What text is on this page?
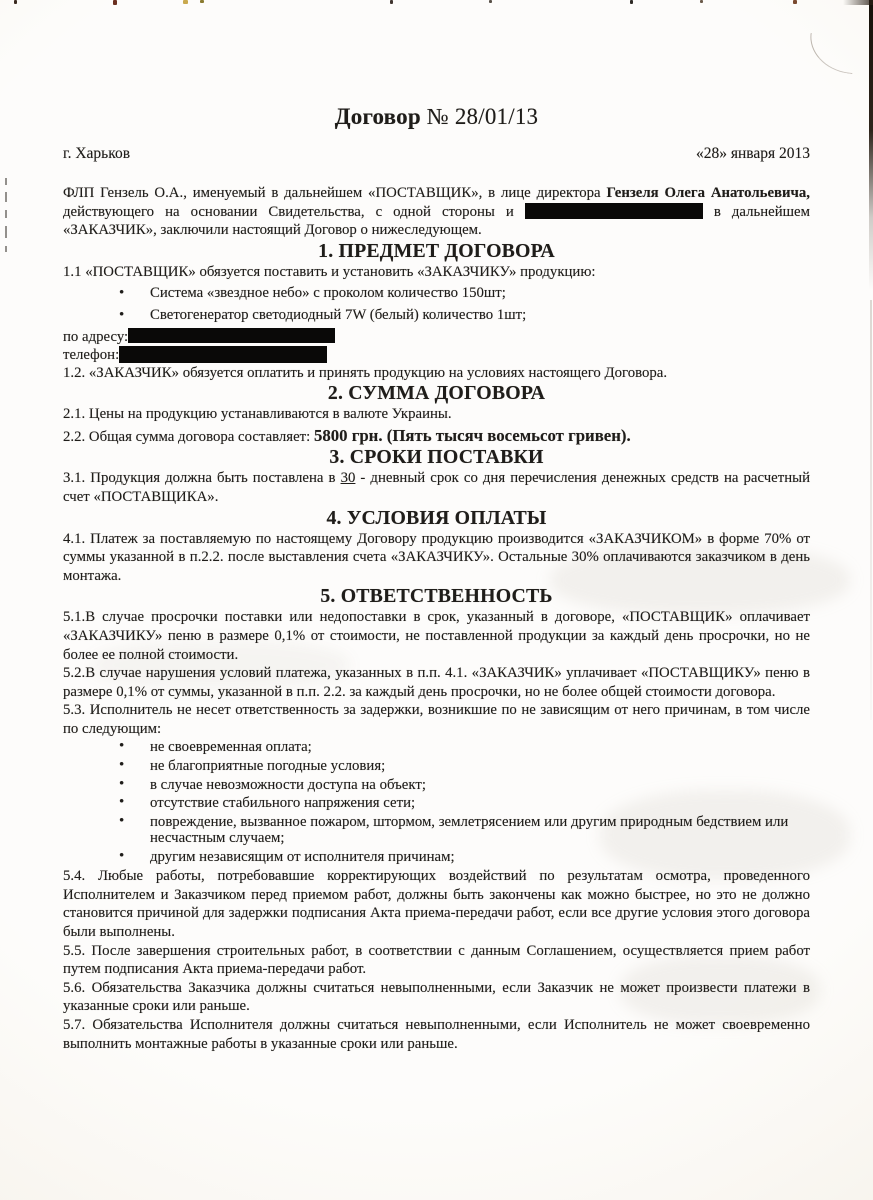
Договор № 28/01/13
г. Харьков	«28» января 2013

ФЛП Гензель О.А., именуемый в дальнейшем «ПОСТАВЩИК», в лице директора Гензеля Олега Анатольевича, действующего на основании Свидетельства, с одной стороны и	в дальнейшем «ЗАКАЗЧИК», заключили настоящий Договор о нижеследующем.

1. ПРЕДМЕТ ДОГОВОРА

1.1 «ПОСТАВЩИК» обязуется поставить и установить «ЗАКАЗЧИКУ» продукцию:

• Система «звездное небо» с проколом количество 150шт;
• Светогенератор светодиодный 7W (белый) количество 1шт;

по адресу:

телефон:

1.2. «ЗАКАЗЧИК» обязуется оплатить и принять продукцию на условиях настоящего Договора.

2. СУММА ДОГОВОРА

2.1. Цены на продукцию устанавливаются в валюте Украины.

2.2. Общая сумма договора составляет: 5800 грн. (Пять тысяч восемьсот гривен).

3. СРОКИ ПОСТАВКИ

3.1. Продукция должна быть поставлена в 30 - дневный срок со дня перечисления денежных средств на расчетный счет «ПОСТАВЩИКА».

4. УСЛОВИЯ ОПЛАТЫ

4.1. Платеж за поставляемую по настоящему Договору продукцию производится «ЗАКАЗЧИКОМ» в форме 70% от суммы указанной в п.2.2. после выставления счета «ЗАКАЗЧИКУ». Остальные 30% оплачиваются заказчиком в день монтажа.

5. ОТВЕТСТВЕННОСТЬ

5.1.В случае просрочки поставки или недопоставки в срок, указанный в договоре, «ПОСТАВЩИК» оплачивает «ЗАКАЗЧИКУ» пеню в размере 0,1% от стоимости, не поставленной продукции за каждый день просрочки, но не более ее полной стоимости.

5.2.В случае нарушения условий платежа, указанных в п.п. 4.1. «ЗАКАЗЧИК» уплачивает «ПОСТАВЩИКУ» пеню в размере 0,1% от суммы, указанной в п.п. 2.2. за каждый день просрочки, но не более общей стоимости договора.

5.3. Исполнитель не несет ответственность за задержки, возникшие по не зависящим от него причинам, в том числе по следующим:

• не своевременная оплата;
• не благоприятные погодные условия;
• в случае невозможности доступа на объект;
• отсутствие стабильного напряжения сети;
• повреждение, вызванное пожаром, штормом, землетрясением или другим природным бедствием или несчастным случаем;
• другим независящим от исполнителя причинам;

5.4. Любые работы, потребовавшие корректирующих воздействий по результатам осмотра, проведенного Исполнителем и Заказчиком перед приемом работ, должны быть закончены как можно быстрее, но это не должно становится причиной для задержки подписания Акта приема-передачи работ, если все другие условия этого договора были выполнены.

5.5. После завершения строительных работ, в соответствии с данным Соглашением, осуществляется прием работ путем подписания Акта приема-передачи работ.

5.6. Обязательства Заказчика должны считаться невыполненными, если Заказчик не может произвести платежи в указанные сроки или раньше.

5.7. Обязательства Исполнителя должны считаться невыполненными, если Исполнитель не может своевременно выполнить монтажные работы в указанные сроки или раньше.
